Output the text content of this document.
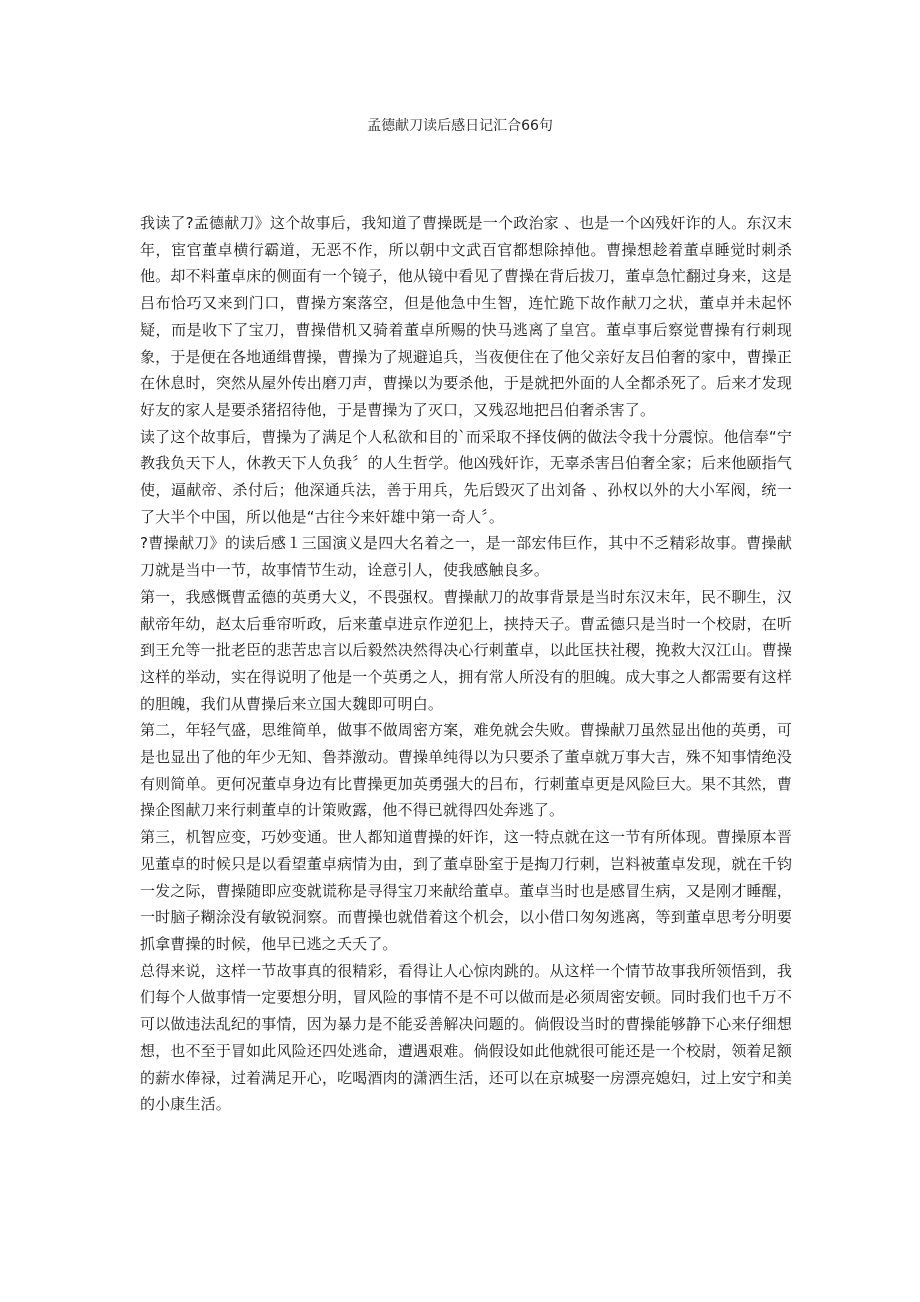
孟德献刀读后感日记汇合66句

我读了?孟德献刀》这个故事后，我知道了曹操既是一个政治家 、也是一个凶残奸诈的人。东汉末年，宦官董卓横行霸道，无恶不作，所以朝中文武百官都想除掉他。曹操想趁着董卓睡觉时刺杀他。却不料董卓床的侧面有一个镜子，他从镜中看见了曹操在背后拔刀，董卓急忙翻过身来，这是吕布恰巧又来到门口，曹操方案落空，但是他急中生智，连忙跪下故作献刀之状，董卓并未起怀疑，而是收下了宝刀，曹操借机又骑着董卓所赐的快马逃离了皇宫。董卓事后察觉曹操有行刺现象，于是便在各地通缉曹操，曹操为了规避追兵，当夜便住在了他父亲好友吕伯奢的家中，曹操正在休息时，突然从屋外传出磨刀声，曹操以为要杀他，于是就把外面的人全都杀死了。后来才发现好友的家人是要杀猪招待他，于是曹操为了灭口，又残忍地把吕伯奢杀害了。

读了这个故事后，曹操为了满足个人私欲和目的`而采取不择伎俩的做法令我十分震惊。他信奉“宁教我负天下人，休教天下人负我〞的人生哲学。他凶残奸诈，无辜杀害吕伯奢全家；后来他颐指气使，逼献帝、杀付后；他深通兵法，善于用兵，先后毁灭了出刘备 、孙权以外的大小军阀，统一了大半个中国，所以他是“古往今来奸雄中第一奇人〞。

?曹操献刀》的读后感１三国演义是四大名着之一，是一部宏伟巨作，其中不乏精彩故事。曹操献刀就是当中一节，故事情节生动，诠意引人，使我感触良多。

第一，我感慨曹孟德的英勇大义，不畏强权。曹操献刀的故事背景是当时东汉末年，民不聊生，汉献帝年幼，赵太后垂帘听政，后来董卓进京作逆犯上，挟持天子。曹孟德只是当时一个校尉，在听到王允等一批老臣的悲苦忠言以后毅然决然得决心行刺董卓，以此匡扶社稷，挽救大汉江山。曹操这样的举动，实在得说明了他是一个英勇之人，拥有常人所没有的胆魄。成大事之人都需要有这样的胆魄，我们从曹操后来立国大魏即可明白。

第二，年轻气盛，思维简单，做事不做周密方案，难免就会失败。曹操献刀虽然显出他的英勇，可是也显出了他的年少无知、鲁莽激动。曹操单纯得以为只要杀了董卓就万事大吉，殊不知事情绝没有则简单。更何况董卓身边有比曹操更加英勇强大的吕布，行刺董卓更是风险巨大。果不其然，曹操企图献刀来行刺董卓的计策败露，他不得已就得四处奔逃了。

第三，机智应变，巧妙变通。世人都知道曹操的奸诈，这一特点就在这一节有所体现。曹操原本晋见董卓的时候只是以看望董卓病情为由，到了董卓卧室于是掏刀行刺，岂料被董卓发现，就在千钧一发之际，曹操随即应变就谎称是寻得宝刀来献给董卓。董卓当时也是感冒生病，又是刚才睡醒，一时脑子糊涂没有敏锐洞察。而曹操也就借着这个机会，以小借口匆匆逃离，等到董卓思考分明要抓拿曹操的时候，他早已逃之夭夭了。

总得来说，这样一节故事真的很精彩，看得让人心惊肉跳的。从这样一个情节故事我所领悟到，我们每个人做事情一定要想分明，冒风险的事情不是不可以做而是必须周密安顿。同时我们也千万不可以做违法乱纪的事情，因为暴力是不能妥善解决问题的。倘假设当时的曹操能够静下心来仔细想想，也不至于冒如此风险还四处逃命，遭遇艰难。倘假设如此他就很可能还是一个校尉，领着足额的薪水俸禄，过着满足开心，吃喝酒肉的潇洒生活，还可以在京城娶一房漂亮媳妇，过上安宁和美的小康生活。
